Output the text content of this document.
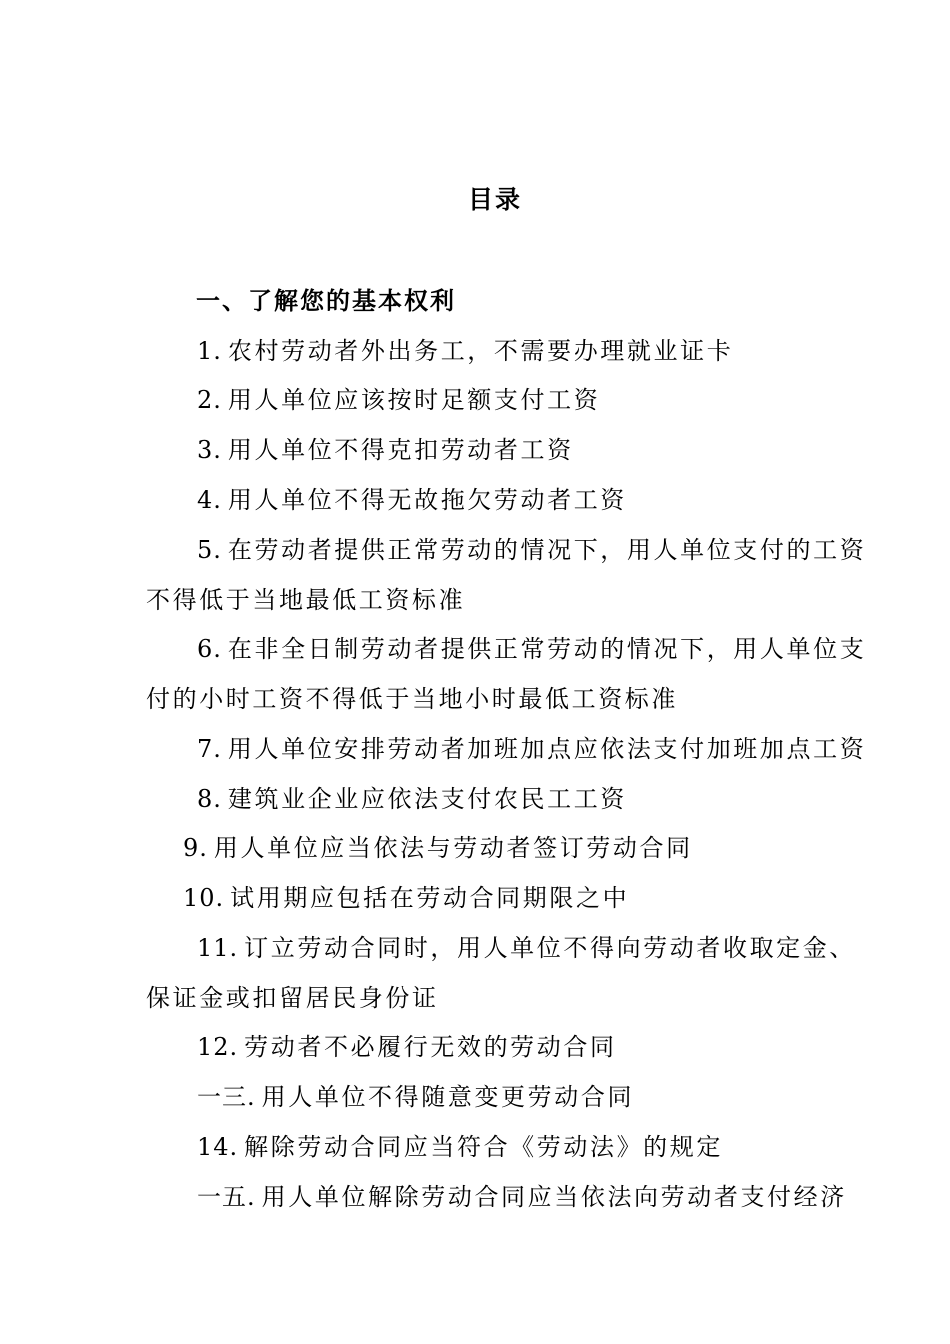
目录
一、了解您的基本权利
1. 农村劳动者外出务工，不需要办理就业证卡
2. 用人单位应该按时足额支付工资
3. 用人单位不得克扣劳动者工资
4. 用人单位不得无故拖欠劳动者工资
5. 在劳动者提供正常劳动的情况下，用人单位支付的工资
不得低于当地最低工资标准
6. 在非全日制劳动者提供正常劳动的情况下，用人单位支
付的小时工资不得低于当地小时最低工资标准
7. 用人单位安排劳动者加班加点应依法支付加班加点工资
8. 建筑业企业应依法支付农民工工资
9. 用人单位应当依法与劳动者签订劳动合同
10. 试用期应包括在劳动合同期限之中
11. 订立劳动合同时，用人单位不得向劳动者收取定金、
保证金或扣留居民身份证
12. 劳动者不必履行无效的劳动合同
一三. 用人单位不得随意变更劳动合同
14. 解除劳动合同应当符合《劳动法》的规定
一五. 用人单位解除劳动合同应当依法向劳动者支付经济
